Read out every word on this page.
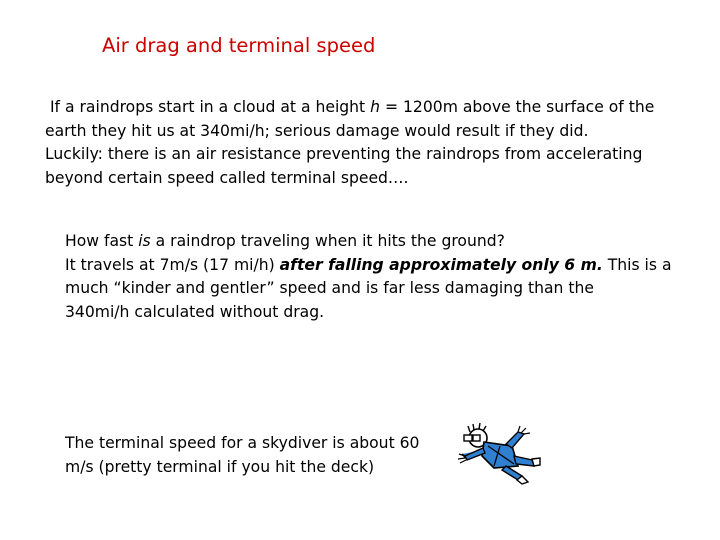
Air drag and terminal speed
If a raindrops start in a cloud at a height h = 1200m above the surface of the
earth they hit us at 340mi/h; serious damage would result if they did.
Luckily: there is an air resistance preventing the raindrops from accelerating
beyond certain speed called terminal speed….
How fast is a raindrop traveling when it hits the ground?
It travels at 7m/s (17 mi/h) after falling approximately only 6 m. This is a
much “kinder and gentler” speed and is far less damaging than the
340mi/h calculated without drag.
The terminal speed for a skydiver is about 60
m/s (pretty terminal if you hit the deck)
